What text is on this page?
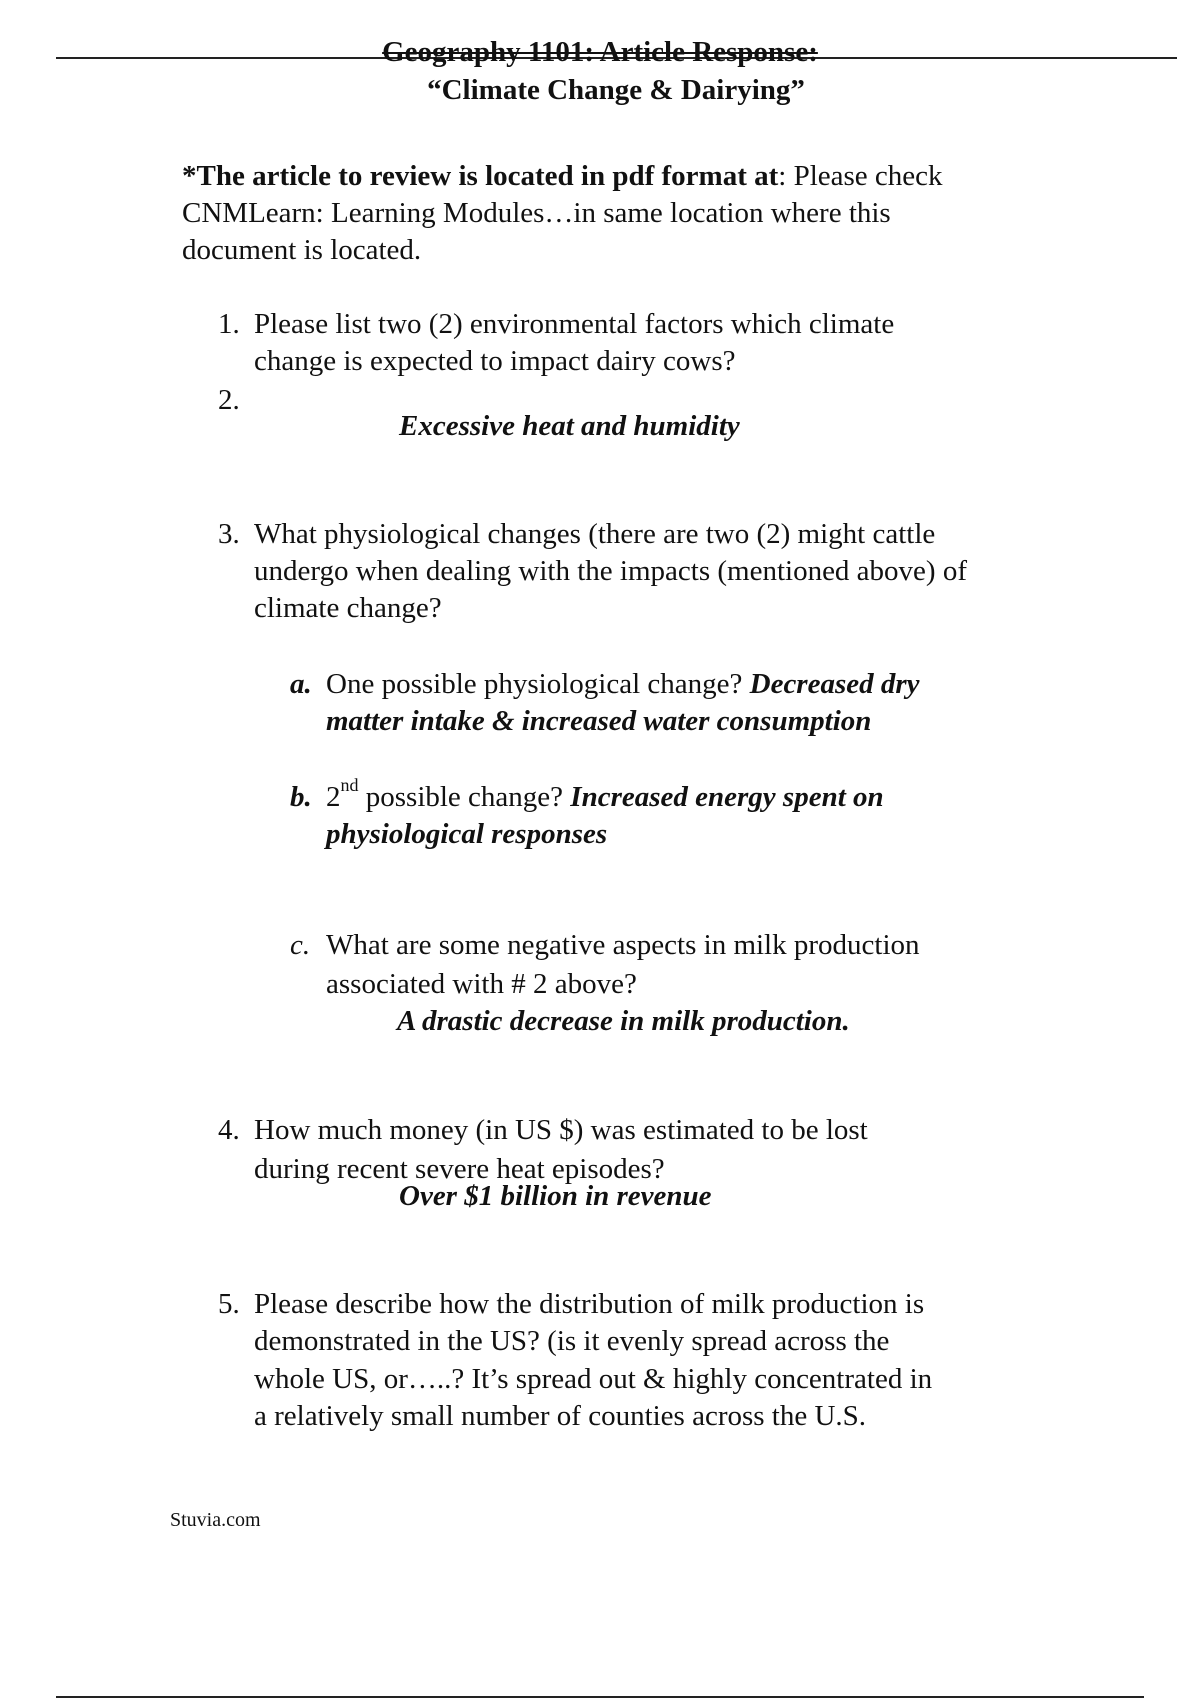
Geography 1101: Article Response:
“Climate Change & Dairying”
*The article to review is located in pdf format at: Please check
CNMLearn: Learning Modules…in same location where this
document is located.
1. Please list two (2) environmental factors which climate
change is expected to impact dairy cows?
2.
Excessive heat and humidity
3. What physiological changes (there are two (2) might cattle
undergo when dealing with the impacts (mentioned above) of
climate change?
a. One possible physiological change? Decreased dry
matter intake & increased water consumption
b. 2nd possible change? Increased energy spent on
physiological responses
c. What are some negative aspects in milk production
associated with # 2 above?
A drastic decrease in milk production.
4. How much money (in US $) was estimated to be lost
during recent severe heat episodes?
Over $1 billion in revenue
5. Please describe how the distribution of milk production is
demonstrated in the US? (is it evenly spread across the
whole US, or…..? It’s spread out & highly concentrated in
a relatively small number of counties across the U.S.
Stuvia.com
